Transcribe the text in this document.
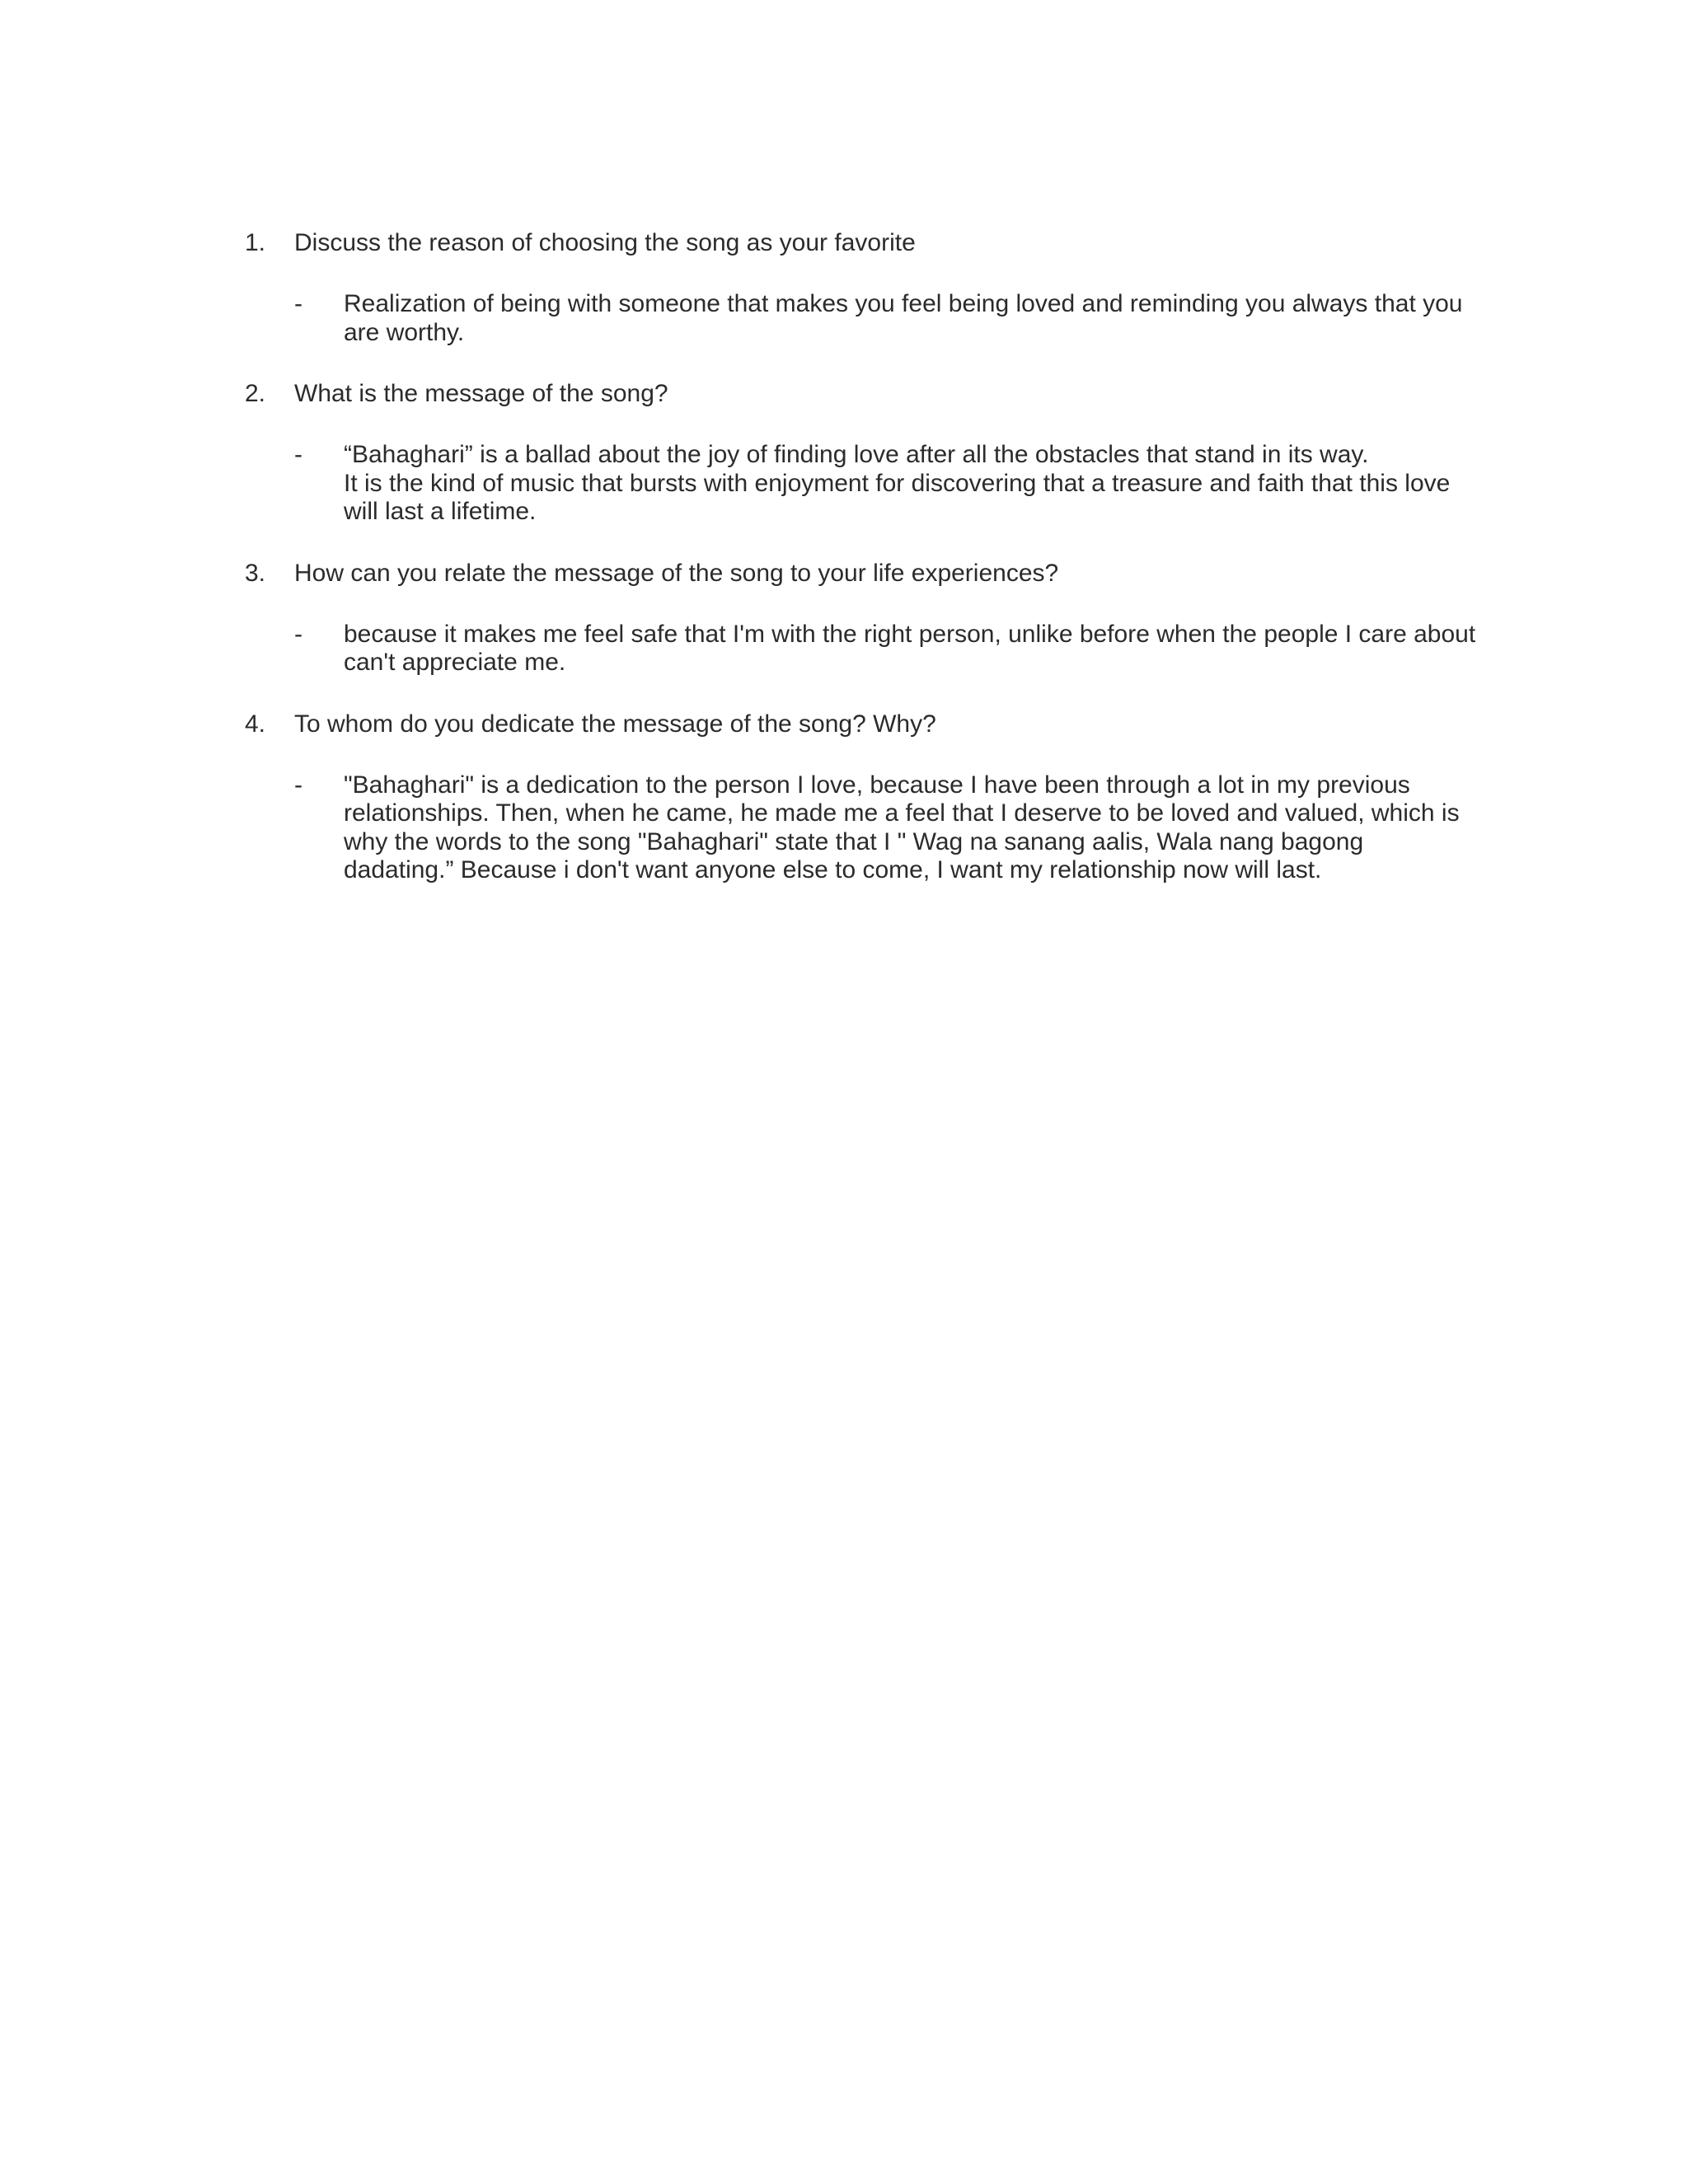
1. Discuss the reason of choosing the song as your favorite

- Realization of being with someone that makes you feel being loved and reminding you always that you
are worthy.

2. What is the message of the song?

- “Bahaghari” is a ballad about the joy of finding love after all the obstacles that stand in its way.
It is the kind of music that bursts with enjoyment for discovering that a treasure and faith that this love
will last a lifetime.

3. How can you relate the message of the song to your life experiences?

- because it makes me feel safe that I'm with the right person, unlike before when the people I care about
can't appreciate me.

4. To whom do you dedicate the message of the song? Why?

- "Bahaghari" is a dedication to the person I love, because I have been through a lot in my previous
relationships. Then, when he came, he made me a feel that I deserve to be loved and valued, which is
why the words to the song "Bahaghari" state that I " Wag na sanang aalis, Wala nang bagong
dadating.” Because i don't want anyone else to come, I want my relationship now will last.
